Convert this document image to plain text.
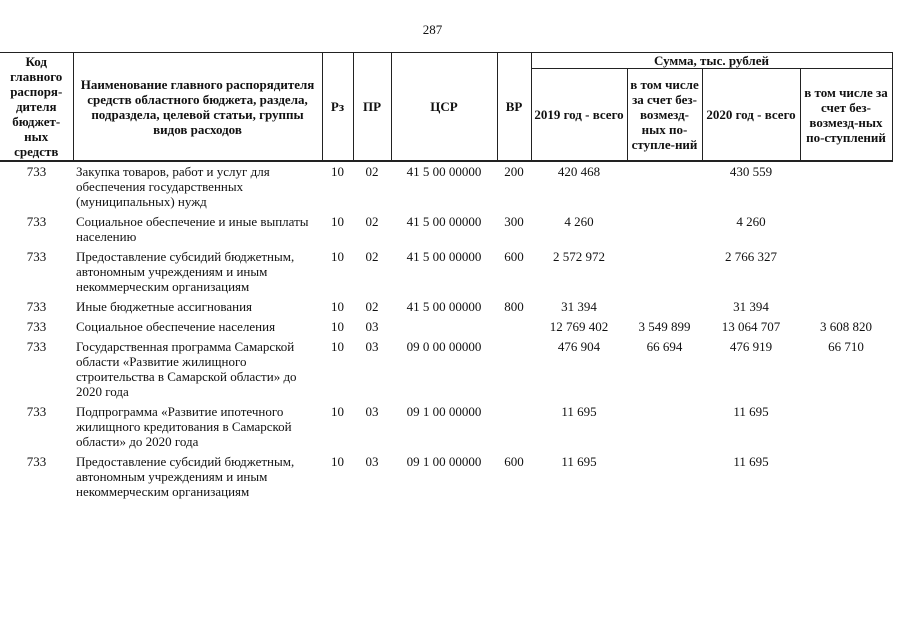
287
Код главного распоря-дителя бюджет-ных средств	Наименование главного распорядителя средств областного бюджета, раздела, подраздела, целевой статьи, группы видов расходов	Рз	ПР	ЦСР	ВР	Сумма, тыс. рублей			
						2019 год - всего	в том числе за счет без-возмезд-ных по-ступле-ний	2020 год - всего	в том числе за счет без-возмезд-ных по-ступлений
733	Закупка товаров, работ и услуг для обеспечения государственных (муниципальных) нужд	10	02	41 5 00 00000	200	420 468		430 559	
733	Социальное обеспечение и иные выплаты населению	10	02	41 5 00 00000	300	4 260		4 260	
733	Предоставление субсидий бюджетным, автономным учреждениям и иным некоммерческим организациям	10	02	41 5 00 00000	600	2 572 972		2 766 327	
733	Иные бюджетные ассигнования	10	02	41 5 00 00000	800	31 394		31 394	
733	Социальное обеспечение населения	10	03			12 769 402	3 549 899	13 064 707	3 608 820
733	Государственная программа Самарской области «Развитие жилищного строительства в Самарской области» до 2020 года	10	03	09 0 00 00000		476 904	66 694	476 919	66 710
733	Подпрограмма «Развитие ипотечного жилищного кредитования в Самарской области» до 2020 года	10	03	09 1 00 00000		11 695		11 695	
733	Предоставление субсидий бюджетным, автономным учреждениям и иным некоммерческим организациям	10	03	09 1 00 00000	600	11 695		11 695	
